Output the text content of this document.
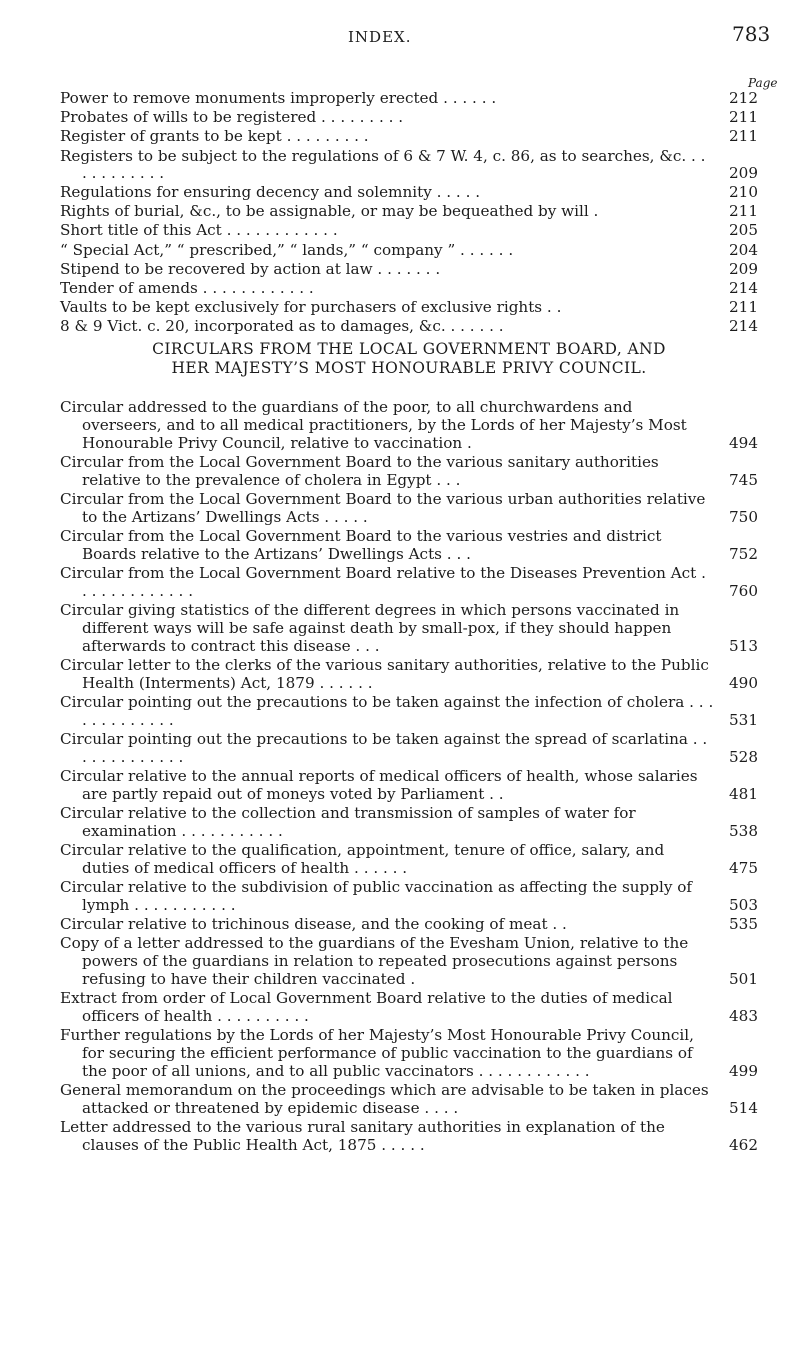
INDEX.	783
Page
Power to remove monuments improperly erected . . . . . .	212
Probates of wills to be registered . . . . . . . . .	211
Register of grants to be kept . . . . . . . . .	211
Registers to be subject to the regulations of 6 & 7 W. 4, c. 86, as to searches, &c. . . . . . . . . . . .	209
Regulations for ensuring decency and solemnity . . . . .	210
Rights of burial, &c., to be assignable, or may be bequeathed by will .	211
Short title of this Act . . . . . . . . . . . .	205
“ Special Act,” “ prescribed,” “ lands,” “ company ” . . . . . .	204
Stipend to be recovered by action at law . . . . . . .	209
Tender of amends . . . . . . . . . . . .	214
Vaults to be kept exclusively for purchasers of exclusive rights . .	211
8 & 9 Vict. c. 20, incorporated as to damages, &c. . . . . . .	214
CIRCULARS FROM THE LOCAL GOVERNMENT BOARD, AND
HER MAJESTY’S MOST HONOURABLE PRIVY COUNCIL.
Circular addressed to the guardians of the poor, to all churchwardens and overseers, and to all medical practitioners, by the Lords of her Majesty’s Most Honourable Privy Council, relative to vaccination .	494
Circular from the Local Government Board to the various sanitary authorities relative to the prevalence of cholera in Egypt . . .	745
Circular from the Local Government Board to the various urban authorities relative to the Artizans’ Dwellings Acts . . . . .	750
Circular from the Local Government Board to the various vestries and district Boards relative to the Artizans’ Dwellings Acts . . .	752
Circular from the Local Government Board relative to the Diseases Prevention Act . . . . . . . . . . . . .	760
Circular giving statistics of the different degrees in which persons vaccinated in different ways will be safe against death by small-pox, if they should happen afterwards to contract this disease . . .	513
Circular letter to the clerks of the various sanitary authorities, relative to the Public Health (Interments) Act, 1879 . . . . . .	490
Circular pointing out the precautions to be taken against the infection of cholera . . . . . . . . . . . . .	531
Circular pointing out the precautions to be taken against the spread of scarlatina . . . . . . . . . . . . .	528
Circular relative to the annual reports of medical officers of health, whose salaries are partly repaid out of moneys voted by Parliament . .	481
Circular relative to the collection and transmission of samples of water for examination . . . . . . . . . . .	538
Circular relative to the qualification, appointment, tenure of office, salary, and duties of medical officers of health . . . . . .	475
Circular relative to the subdivision of public vaccination as affecting the supply of lymph . . . . . . . . . . .	503
Circular relative to trichinous disease, and the cooking of meat . .	535
Copy of a letter addressed to the guardians of the Evesham Union, relative to the powers of the guardians in relation to repeated prosecutions against persons refusing to have their children vaccinated .	501
Extract from order of Local Government Board relative to the duties of medical officers of health . . . . . . . . . .	483
Further regulations by the Lords of her Majesty’s Most Honourable Privy Council, for securing the efficient performance of public vaccination to the guardians of the poor of all unions, and to all public vaccinators . . . . . . . . . . . .	499
General memorandum on the proceedings which are advisable to be taken in places attacked or threatened by epidemic disease . . . .	514
Letter addressed to the various rural sanitary authorities in explanation of the clauses of the Public Health Act, 1875 . . . . .	462
